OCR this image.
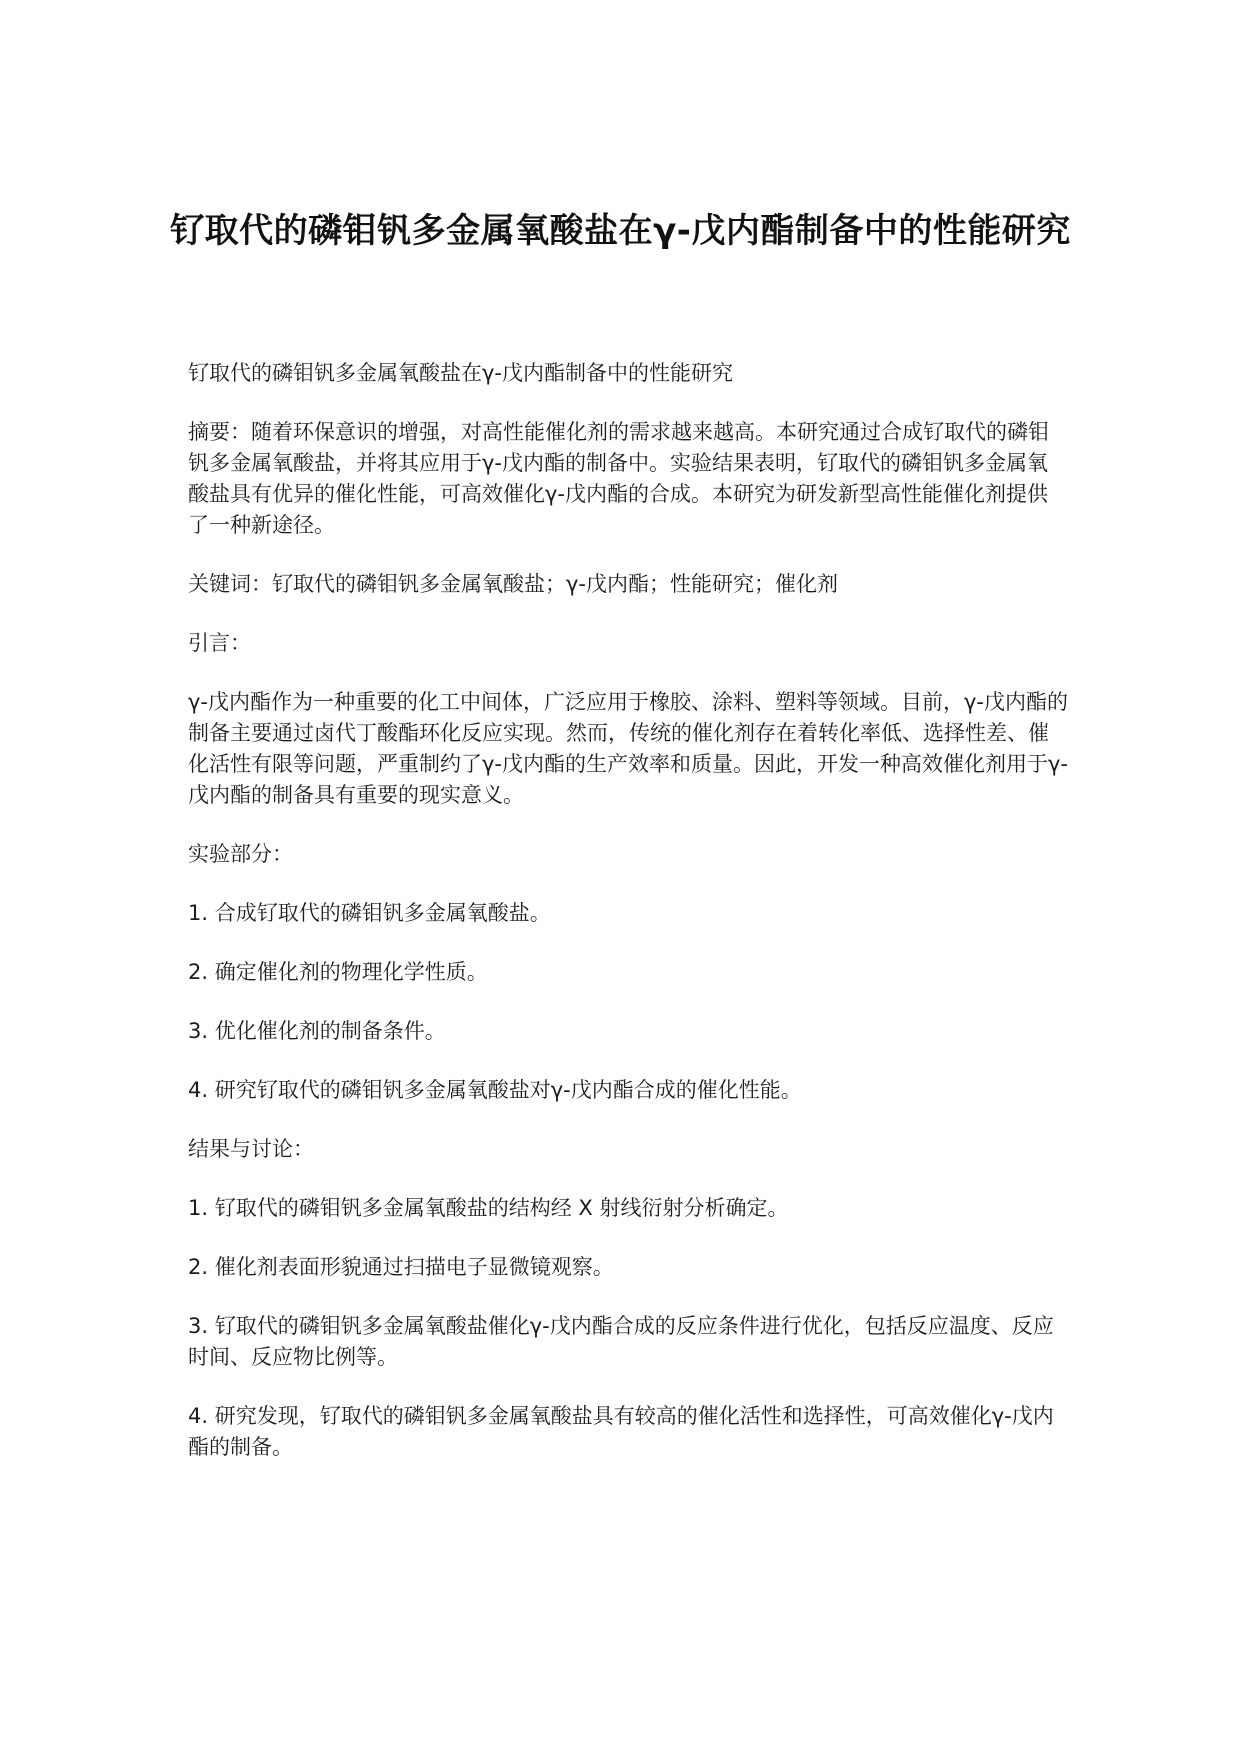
钌取代的磷钼钒多金属氧酸盐在γ-戊内酯制备中的性能研究

钌取代的磷钼钒多金属氧酸盐在γ-戊内酯制备中的性能研究

摘要：随着环保意识的增强，对高性能催化剂的需求越来越高。本研究通过合成钌取代的磷钼钒多金属氧酸盐，并将其应用于γ-戊内酯的制备中。实验结果表明，钌取代的磷钼钒多金属氧酸盐具有优异的催化性能，可高效催化γ-戊内酯的合成。本研究为研发新型高性能催化剂提供了一种新途径。

关键词：钌取代的磷钼钒多金属氧酸盐；γ-戊内酯；性能研究；催化剂

引言：

γ-戊内酯作为一种重要的化工中间体，广泛应用于橡胶、涂料、塑料等领域。目前，γ-戊内酯的制备主要通过卤代丁酸酯环化反应实现。然而，传统的催化剂存在着转化率低、选择性差、催化活性有限等问题，严重制约了γ-戊内酯的生产效率和质量。因此，开发一种高效催化剂用于γ-戊内酯的制备具有重要的现实意义。

实验部分：

1. 合成钌取代的磷钼钒多金属氧酸盐。

2. 确定催化剂的物理化学性质。

3. 优化催化剂的制备条件。

4. 研究钌取代的磷钼钒多金属氧酸盐对γ-戊内酯合成的催化性能。

结果与讨论：

1. 钌取代的磷钼钒多金属氧酸盐的结构经 X 射线衍射分析确定。

2. 催化剂表面形貌通过扫描电子显微镜观察。

3. 钌取代的磷钼钒多金属氧酸盐催化γ-戊内酯合成的反应条件进行优化，包括反应温度、反应时间、反应物比例等。

4. 研究发现，钌取代的磷钼钒多金属氧酸盐具有较高的催化活性和选择性，可高效催化γ-戊内酯的制备。
